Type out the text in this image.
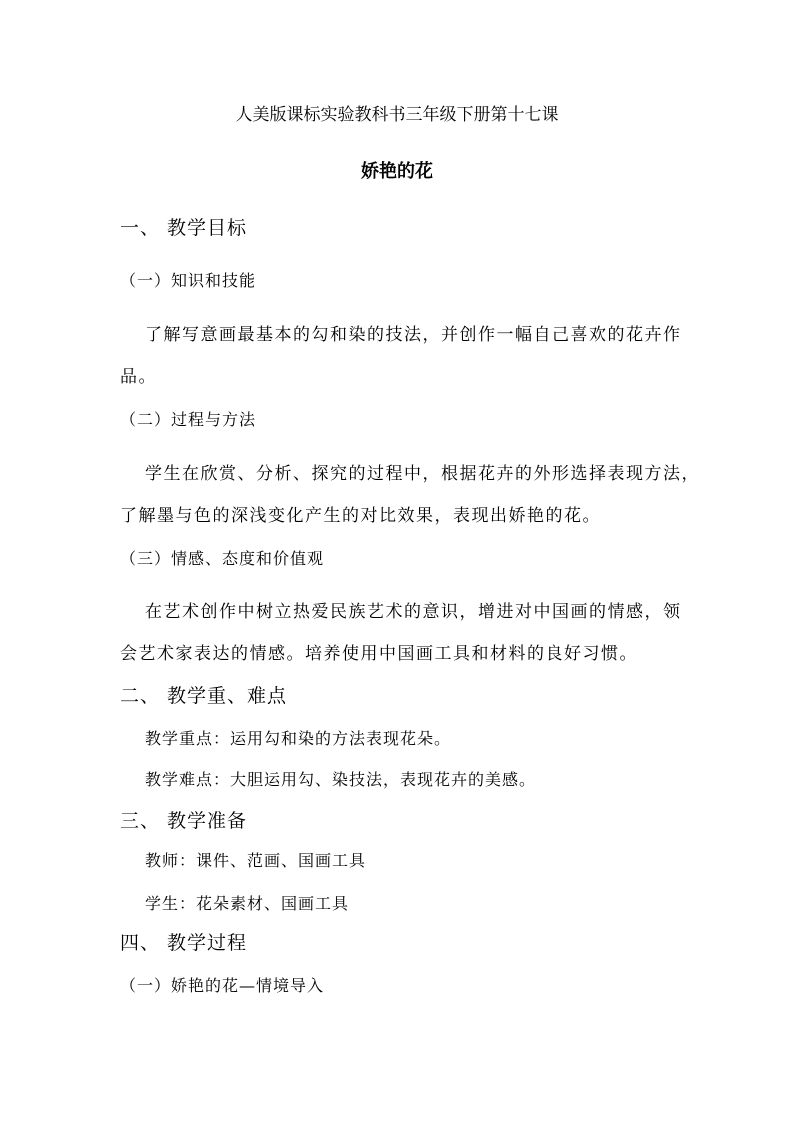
人美版课标实验教科书三年级下册第十七课
娇艳的花
一、 教学目标
（一）知识和技能
了解写意画最基本的勾和染的技法，并创作一幅自己喜欢的花卉作
品。
（二）过程与方法
学生在欣赏、分析、探究的过程中，根据花卉的外形选择表现方法，
了解墨与色的深浅变化产生的对比效果，表现出娇艳的花。
（三）情感、态度和价值观
在艺术创作中树立热爱民族艺术的意识，增进对中国画的情感，领
会艺术家表达的情感。培养使用中国画工具和材料的良好习惯。
二、 教学重、难点
教学重点：运用勾和染的方法表现花朵。
教学难点：大胆运用勾、染技法，表现花卉的美感。
三、 教学准备
教师：课件、范画、国画工具
学生：花朵素材、国画工具
四、 教学过程
（一）娇艳的花—情境导入
